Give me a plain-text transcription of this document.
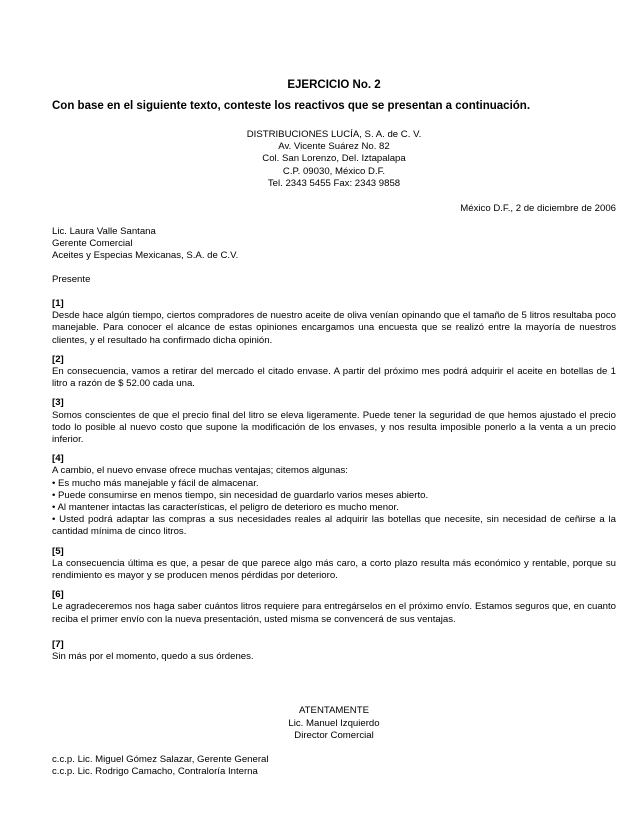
EJERCICIO No. 2
Con base en el siguiente texto, conteste los reactivos que se presentan a continuación.
DISTRIBUCIONES LUCÍA, S. A. de C. V.
Av. Vicente Suárez No. 82
Col. San Lorenzo, Del. Iztapalapa
C.P. 09030, México D.F.
Tel. 2343 5455 Fax: 2343 9858
México D.F., 2 de diciembre de 2006
Lic. Laura Valle Santana
Gerente Comercial
Aceites y Especias Mexicanas, S.A. de C.V.
Presente
[1]
Desde hace algún tiempo, ciertos compradores de nuestro aceite de oliva venían opinando que el tamaño de 5 litros resultaba poco manejable. Para conocer el alcance de estas opiniones encargamos una encuesta que se realizó entre la mayoría de nuestros clientes, y el resultado ha confirmado dicha opinión.
[2]
En consecuencia, vamos a retirar del mercado el citado envase. A partir del próximo mes podrá adquirir el aceite en botellas de 1 litro a razón de $ 52.00 cada una.
[3]
Somos conscientes de que el precio final del litro se eleva ligeramente. Puede tener la seguridad de que hemos ajustado el precio todo lo posible al nuevo costo que supone la modificación de los envases, y nos resulta imposible ponerlo a la venta a un precio inferior.
[4]
A cambio, el nuevo envase ofrece muchas ventajas; citemos algunas:
• Es mucho más manejable y fácil de almacenar.
• Puede consumirse en menos tiempo, sin necesidad de guardarlo varios meses abierto.
• Al mantener intactas las características, el peligro de deterioro es mucho menor.
• Usted podrá adaptar las compras a sus necesidades reales al adquirir las botellas que necesite, sin necesidad de ceñirse a la cantidad mínima de cinco litros.
[5]
La consecuencia última es que, a pesar de que parece algo más caro, a corto plazo resulta más económico y rentable, porque su rendimiento es mayor y se producen menos pérdidas por deterioro.
[6]
Le agradeceremos nos haga saber cuántos litros requiere para entregárselos en el próximo envío. Estamos seguros que, en cuanto reciba el primer envío con la nueva presentación, usted misma se convencerá de sus ventajas.
[7]
Sin más por el momento, quedo a sus órdenes.
ATENTAMENTE
Lic. Manuel Izquierdo
Director Comercial
c.c.p. Lic. Miguel Gómez Salazar, Gerente General
c.c.p. Lic. Rodrigo Camacho, Contraloría Interna
